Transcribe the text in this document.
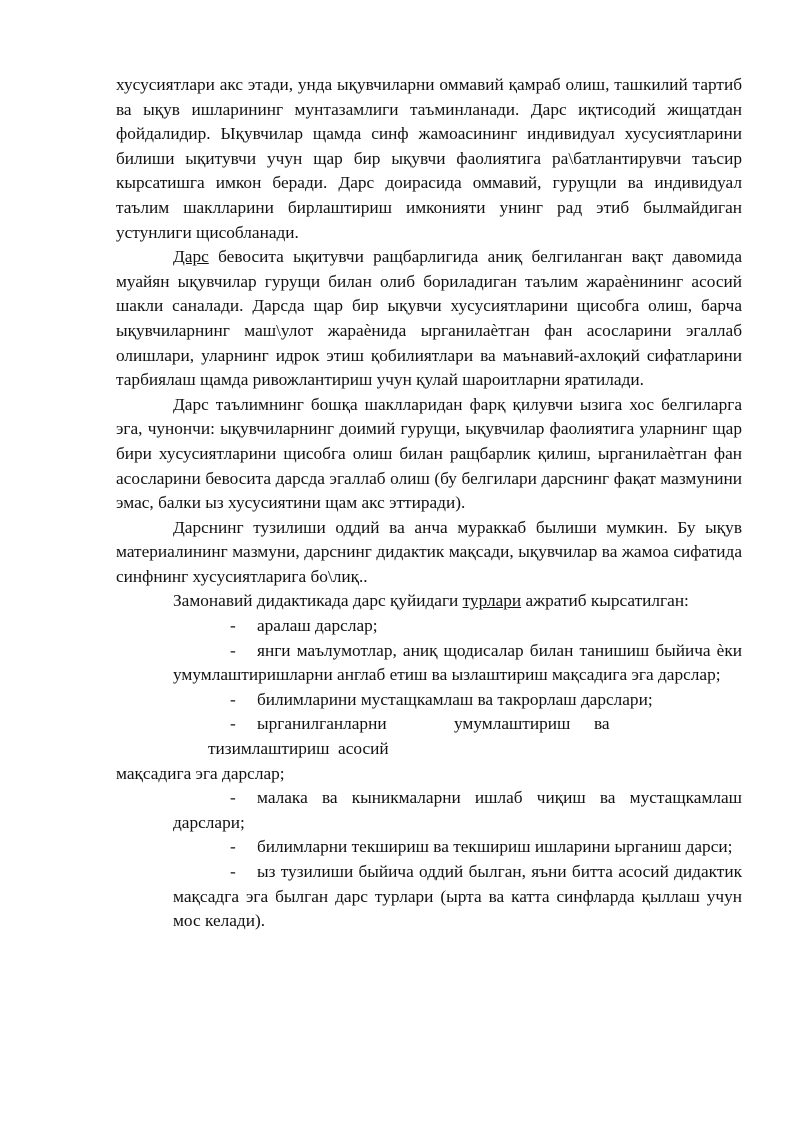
хусусиятлари акс этади, унда ықувчиларни оммавий қамраб олиш, ташкилий тартиб ва ықув ишларининг мунтазамлиги таъминланади. Дарс иқтисодий жищатдан фойдалидир. Ықувчилар щамда синф жамоасининг индивидуал хусусиятларини билиши ықитувчи учун щар бир ықувчи фаолиятига ра\батлантирувчи таъсир кырсатишга имкон беради. Дарс доирасида оммавий, гурущли ва индивидуал таълим шаклларини бирлаштириш имконияти унинг рад этиб былмайдиган устунлиги щисобланади.

Дарс бевосита ықитувчи ращбарлигида аниқ белгиланган вақт давомида муайян ықувчилар гурущи билан олиб бориладиган таълим жараѐнининг асосий шакли саналади. Дарсда щар бир ықувчи хусусиятларини щисобга олиш, барча ықувчиларнинг маш\улот жараѐнида ырганилаѐтган фан асосларини эгаллаб олишлари, уларнинг идрок этиш қобилиятлари ва маънавий-ахлоқий сифатларини тарбиялаш щамда ривожлантириш учун қулай шароитларни яратилади.

Дарс таълимнинг бошқа шаклларидан фарқ қилувчи ызига хос белгиларга эга, чунончи: ықувчиларнинг доимий гурущи, ықувчилар фаолиятига уларнинг щар бири хусусиятларини щисобга олиш билан ращбарлик қилиш, ырганилаѐтган фан асосларини бевосита дарсда эгаллаб олиш (бу белгилари дарснинг фақат мазмунини эмас, балки ыз хусусиятини щам акс эттиради).

Дарснинг тузилиши оддий ва анча мураккаб былиши мумкин. Бу ықув материалининг мазмуни, дарснинг дидактик мақсади, ықувчилар ва жамоа сифатида синфнинг хусусиятларига бо\лиқ..

Замонавий дидактикада дарс қуйидаги турлари ажратиб кырсатилган:

- аралаш дарслар;

- янги маълумотлар, аниқ щодисалар билан танишиш быйича ѐки умумлаштиришларни англаб етиш ва ызлаштириш мақсадига эга дарслар;

- билимларини мустащкамлаш ва такрорлаш дарслари;

- ырганилганларни	умумлаштириш ва
тизимлаштириш  асосий

мақсадига эга дарслар;

- малака ва кыникмаларни ишлаб чиқиш ва мустащкамлаш дарслари;

- билимларни текшириш ва текшириш ишларини ырганиш дарси;

- ыз тузилиши быйича оддий былган, яъни битта асосий дидактик мақсадга эга былган дарс турлари (ырта ва катта синфларда қыллаш учун мос келади).
